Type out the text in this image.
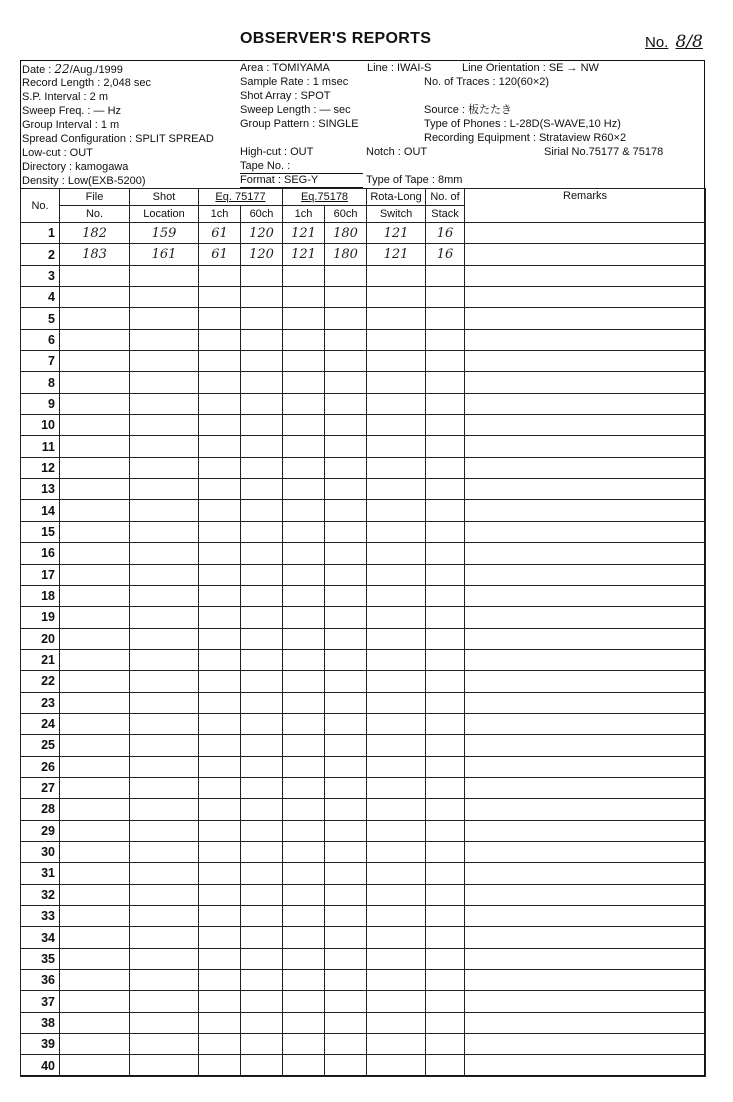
OBSERVER'S REPORTS	No. 8/8
Date : 22/Aug./1999
Record Length : 2,048 sec
S.P. Interval : 2 m
Sweep Freq. : — Hz
Group Interval : 1 m
Spread Configuration : SPLIT SPREAD
Low-cut : OUT
Directory : kamogawa
Density : Low(EXB-5200)
Area : TOMIYAMA
Sample Rate : 1 msec
Shot Array : SPOT
Sweep Length : — sec
Group Pattern : SINGLE
High-cut : OUT
Tape No. :
Format : SEG-Y
Line : IWAI-S
Notch : OUT
Type of Tape : 8mm
Line Orientation : SE → NW
No. of Traces : 120(60×2)
Source : 板たたき
Type of Phones : L-28D(S-WAVE,10 Hz)
Recording Equipment : Strataview R60×2
Sirial No.75177 & 75178
No.	File	Shot	Eq. 75177		Eq.75178		Rota-Long	No. of	Remarks
	No.	Location	1ch	60ch	1ch	60ch	Switch	Stack	
1	182	159	61	120	121	180	121	16	
2	183	161	61	120	121	180	121	16	
3									
4									
5									
6									
7									
8									
9									
10									
11									
12									
13									
14									
15									
16									
17									
18									
19									
20									
21									
22									
23									
24									
25									
26									
27									
28									
29									
30									
31									
32									
33									
34									
35									
36									
37									
38									
39									
40									
